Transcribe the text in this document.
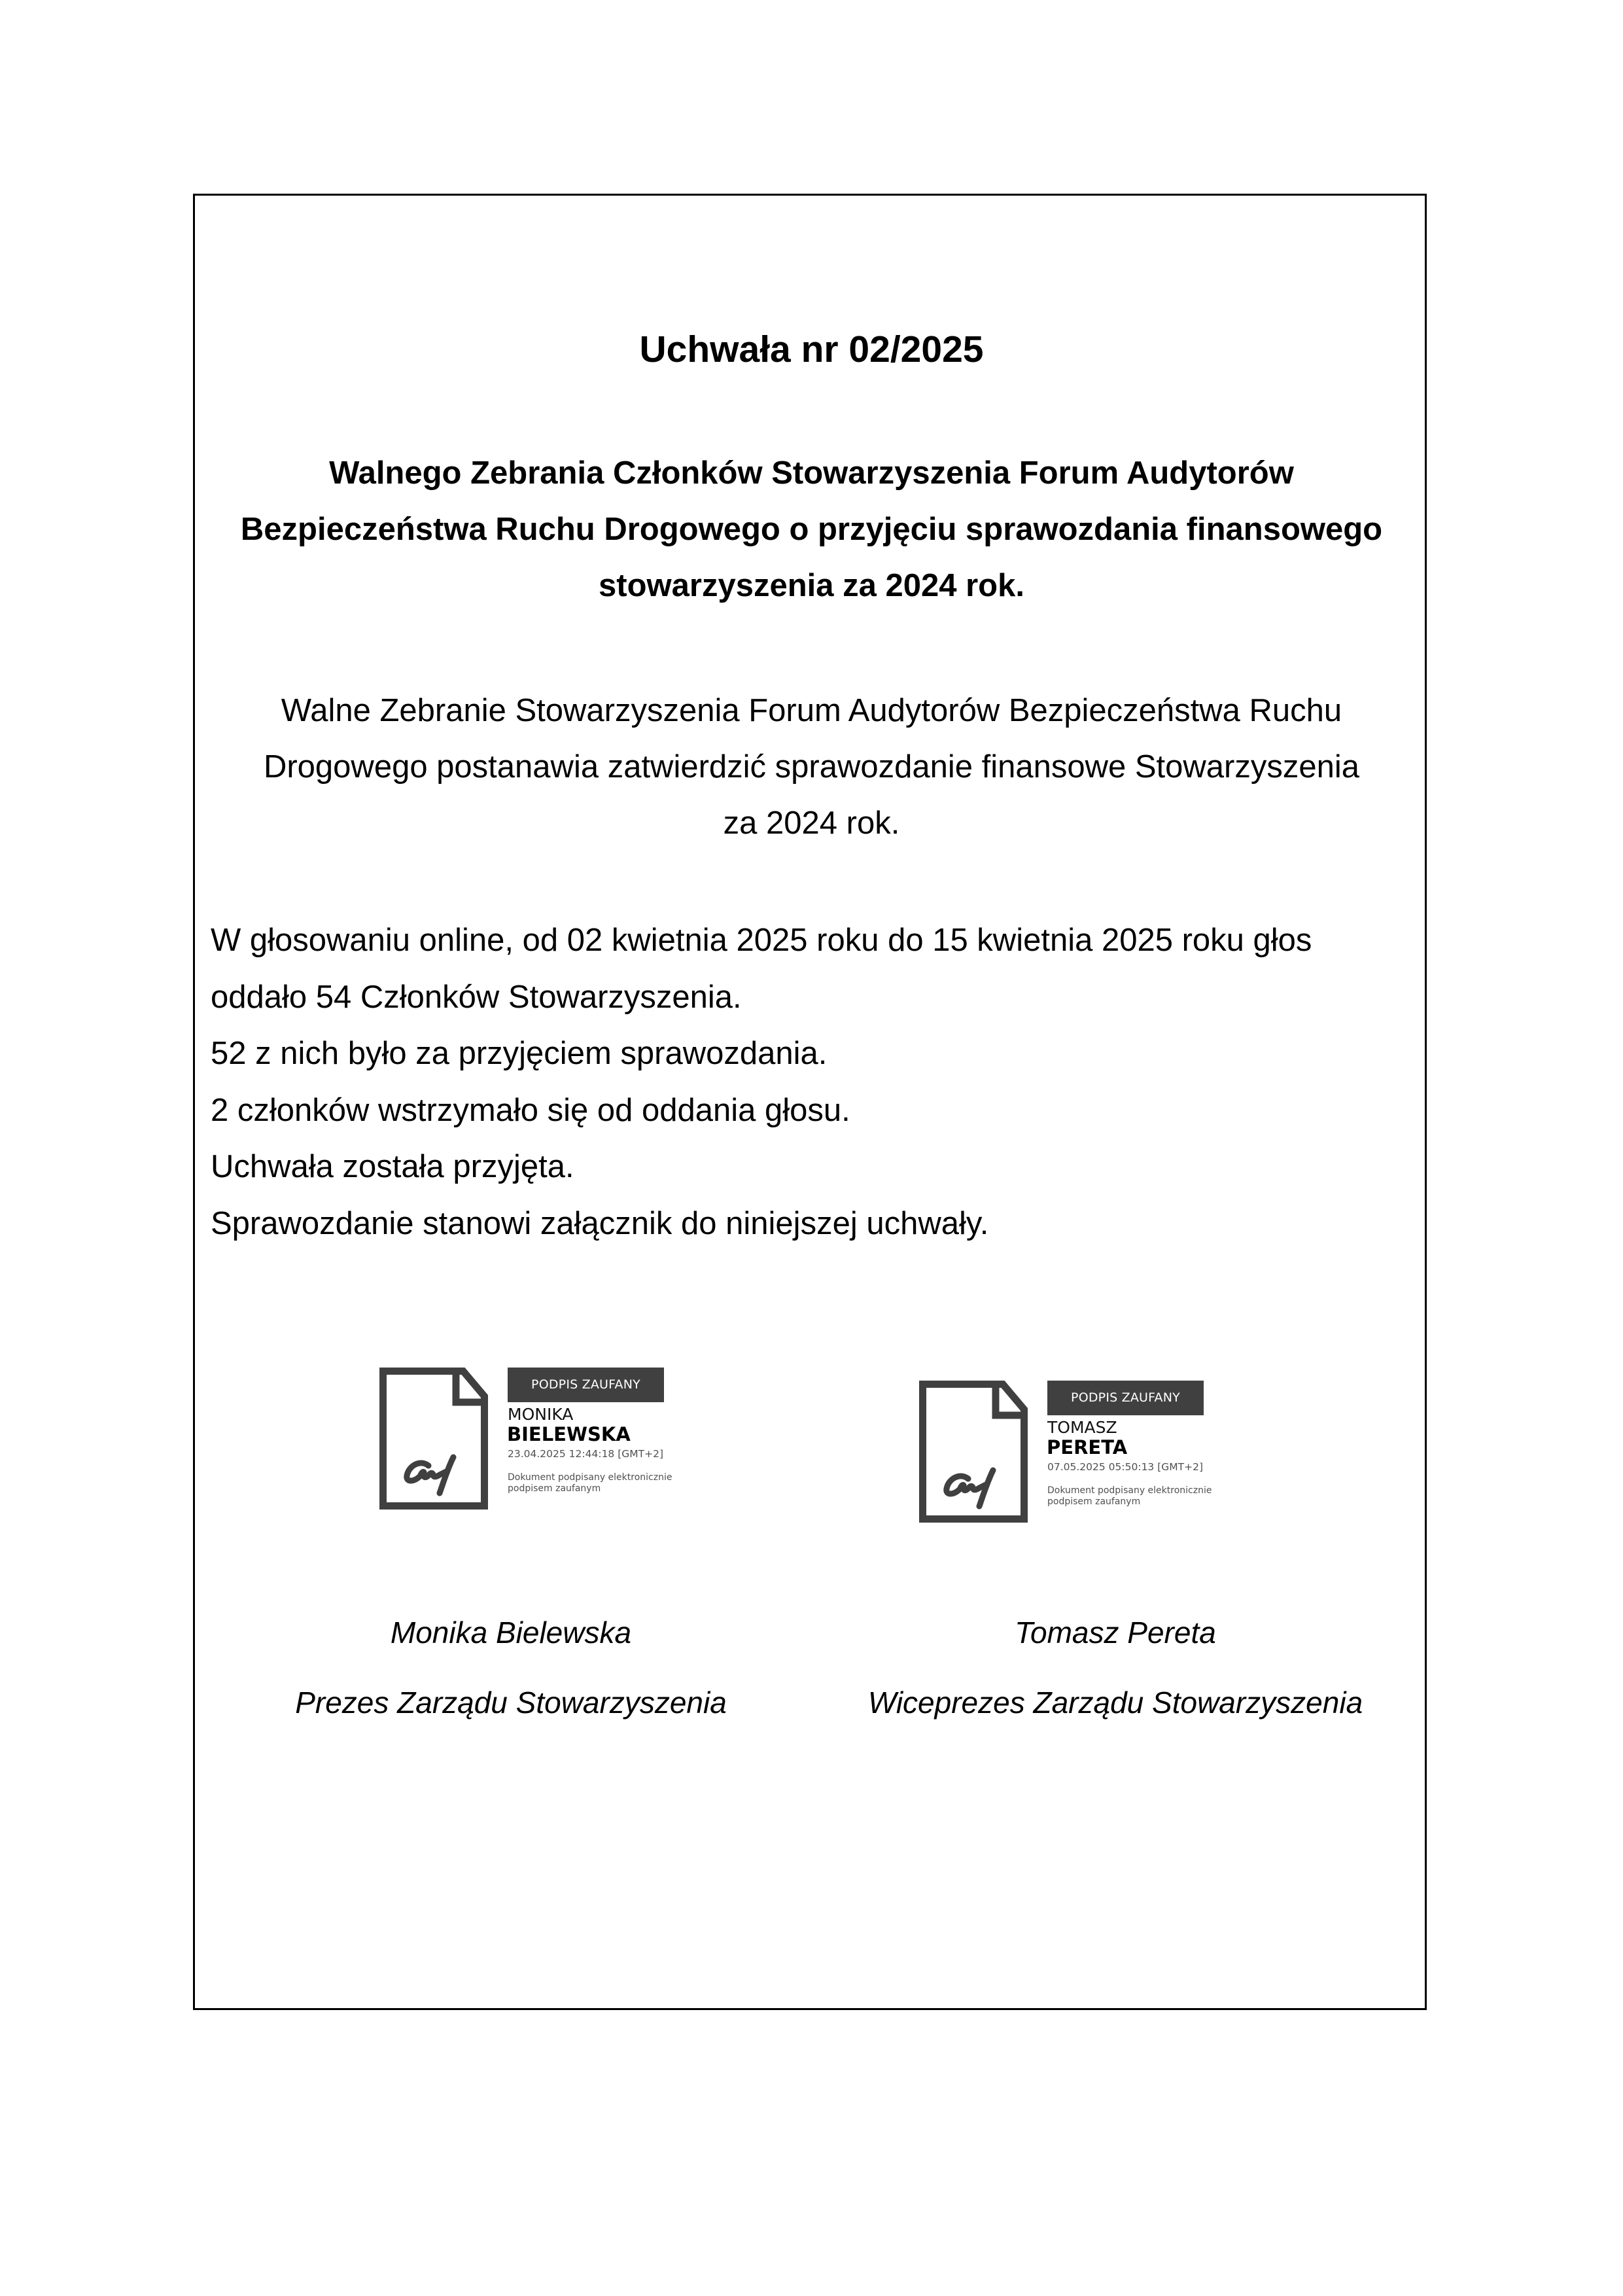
Uchwała nr 02/2025
Walnego Zebrania Członków Stowarzyszenia Forum Audytorów
Bezpieczeństwa Ruchu Drogowego o przyjęciu sprawozdania finansowego
stowarzyszenia za 2024 rok.
Walne Zebranie Stowarzyszenia Forum Audytorów Bezpieczeństwa Ruchu
Drogowego postanawia zatwierdzić sprawozdanie finansowe Stowarzyszenia
za 2024 rok.
W głosowaniu online, od 02 kwietnia 2025 roku do 15 kwietnia 2025 roku głos
oddało 54 Członków Stowarzyszenia.
52 z nich było za przyjęciem sprawozdania.
2 członków wstrzymało się od oddania głosu.
Uchwała została przyjęta.
Sprawozdanie stanowi załącznik do niniejszej uchwały.
PODPIS ZAUFANY
MONIKA
BIELEWSKA
23.04.2025 12:44:18 [GMT+2]
Dokument podpisany elektronicznie podpisem zaufanym
PODPIS ZAUFANY
TOMASZ
PERETA
07.05.2025 05:50:13 [GMT+2]
Dokument podpisany elektronicznie podpisem zaufanym
Monika Bielewska
Prezes Zarządu Stowarzyszenia
Tomasz Pereta
Wiceprezes Zarządu Stowarzyszenia
